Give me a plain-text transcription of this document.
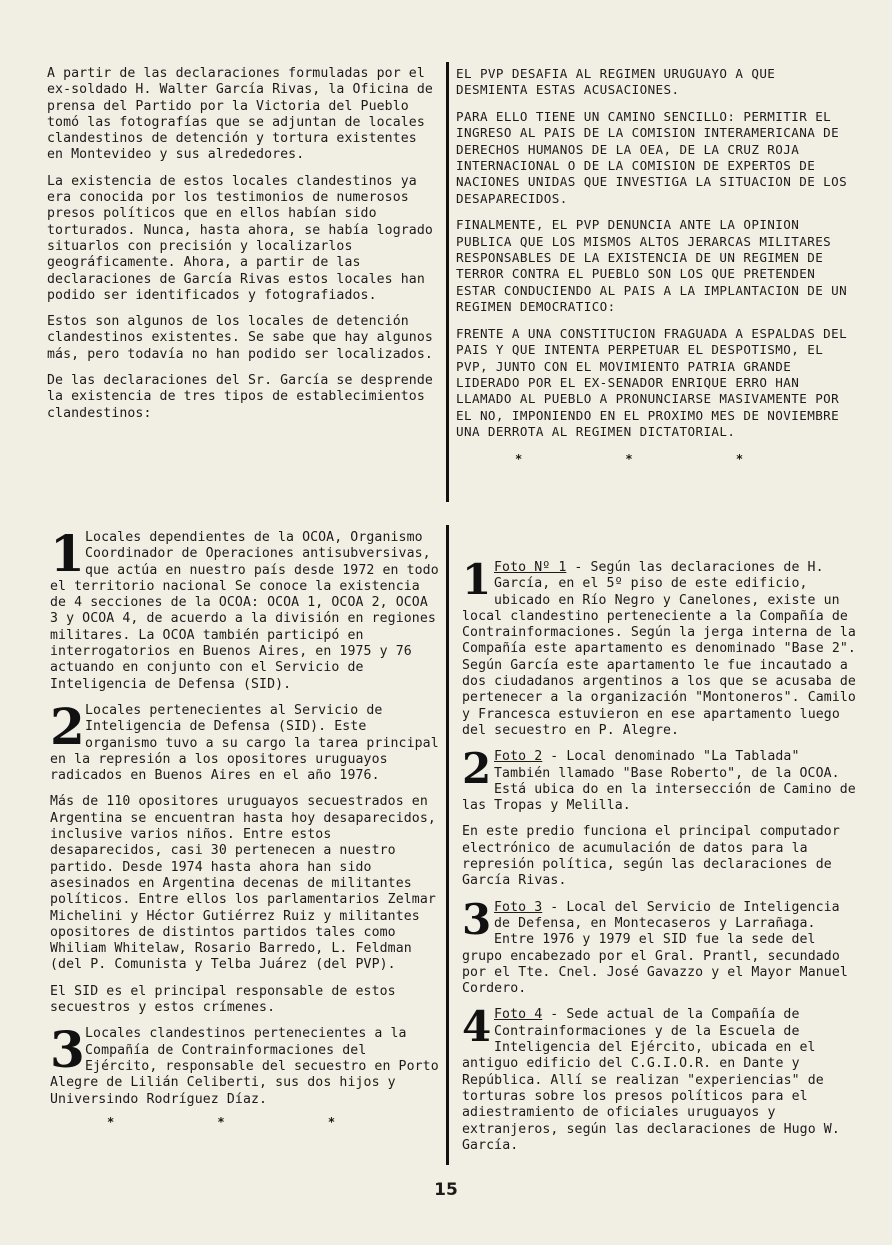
A partir de las declaraciones formuladas por el ex-soldado H. Walter García Rivas, la Oficina de prensa del Partido por la Victoria del Pueblo tomó las fotografías que se adjuntan de locales clandestinos de detención y tortura existentes en Montevideo y sus alrededores.

La existencia de estos locales clandestinos ya era conocida por los testimonios de numerosos presos políticos que en ellos habían sido torturados. Nunca, hasta ahora, se había logrado situarlos con precisión y localizarlos geográficamente. Ahora, a partir de las declaraciones de García Rivas estos locales han podido ser identificados y fotografiados.

Estos son algunos de los locales de detención clandestinos existentes. Se sabe que hay algunos más, pero todavía no han podido ser localizados.

De las declaraciones del Sr. García se desprende la existencia de tres tipos de establecimientos clandestinos:

EL PVP DESAFIA AL REGIMEN URUGUAYO A QUE DESMIENTA ESTAS ACUSACIONES.

PARA ELLO TIENE UN CAMINO SENCILLO: PERMITIR EL INGRESO AL PAIS DE LA COMISION INTERAMERICANA DE DERECHOS HUMANOS DE LA OEA, DE LA CRUZ ROJA INTERNACIONAL O DE LA COMISION DE EXPERTOS DE NACIONES UNIDAS QUE INVESTIGA LA SITUACION DE LOS DESAPARECIDOS.

FINALMENTE, EL PVP DENUNCIA ANTE LA OPINION PUBLICA QUE LOS MISMOS ALTOS JERARCAS MILITARES RESPONSABLES DE LA EXISTENCIA DE UN REGIMEN DE TERROR CONTRA EL PUEBLO SON LOS QUE PRETENDEN ESTAR CONDUCIENDO AL PAIS A LA IMPLANTACION DE UN REGIMEN DEMOCRATICO:

FRENTE A UNA CONSTITUCION FRAGUADA A ESPALDAS DEL PAIS Y QUE INTENTA PERPETUAR EL DESPOTISMO, EL PVP, JUNTO CON EL MOVIMIENTO PATRIA GRANDE LIDERADO POR EL EX-SENADOR ENRIQUE ERRO HAN LLAMADO AL PUEBLO A PRONUNCIARSE MASIVAMENTE POR EL NO, IMPONIENDO EN EL PROXIMO MES DE NOVIEMBRE UNA DERROTA AL REGIMEN DICTATORIAL.

* * *
1 Locales dependientes de la OCOA, Organismo Coordinador de Operaciones antisubversivas, que actúa en nuestro país desde 1972 en todo el territorio nacional Se conoce la existencia de 4 secciones de la OCOA: OCOA 1, OCOA 2, OCOA 3 y OCOA 4, de acuerdo a la división en regiones militares. La OCOA también participó en interrogatorios en Buenos Aires, en 1975 y 76 actuando en conjunto con el Servicio de Inteligencia de Defensa (SID).

2 Locales pertenecientes al Servicio de Inteligencia de Defensa (SID). Este organismo tuvo a su cargo la tarea principal en la represión a los opositores uruguayos radicados en Buenos Aires en el año 1976.

Más de 110 opositores uruguayos secuestrados en Argentina se encuentran hasta hoy desaparecidos, inclusive varios niños. Entre estos desaparecidos, casi 30 pertenecen a nuestro partido. Desde 1974 hasta ahora han sido asesinados en Argentina decenas de militantes políticos. Entre ellos los parlamentarios Zelmar Michelini y Héctor Gutiérrez Ruiz y militantes opositores de distintos partidos tales como Whiliam Whitelaw, Rosario Barredo, L. Feldman (del P. Comunista y Telba Juárez (del PVP).

El SID es el principal responsable de estos secuestros y estos crímenes.

3 Locales clandestinos pertenecientes a la Compañía de Contrainformaciones del Ejército, responsable del secuestro en Porto Alegre de Lilián Celiberti, sus dos hijos y Universindo Rodríguez Díaz.

* * *
1 Foto Nº 1 - Según las declaraciones de H. García, en el 5º piso de este edificio, ubicado en Río Negro y Canelones, existe un local clandestino perteneciente a la Compañía de Contrainformaciones. Según la jerga interna de la Compañía este apartamento es denominado "Base 2". Según García este apartamento le fue incautado a dos ciudadanos argentinos a los que se acusaba de pertenecer a la organización "Montoneros". Camilo y Francesca estuvieron en ese apartamento luego del secuestro en P. Alegre.

2 Foto 2 - Local denominado "La Tablada" También llamado "Base Roberto", de la OCOA. Está ubica do en la intersección de Camino de las Tropas y Melilla.

En este predio funciona el principal computador electrónico de acumulación de datos para la represión política, según las declaraciones de García Rivas.

3 Foto 3 - Local del Servicio de Inteligencia de Defensa, en Montecaseros y Larrañaga. Entre 1976 y 1979 el SID fue la sede del grupo encabezado por el Gral. Prantl, secundado por el Tte. Cnel. José Gavazzo y el Mayor Manuel Cordero.

4 Foto 4 - Sede actual de la Compañía de Contrainformaciones y de la Escuela de Inteligencia del Ejército, ubicada en el antiguo edificio del C.G.I.O.R. en Dante y República. Allí se realizan "experiencias" de torturas sobre los presos políticos para el adiestramiento de oficiales uruguayos y extranjeros, según las declaraciones de Hugo W. García.

15
